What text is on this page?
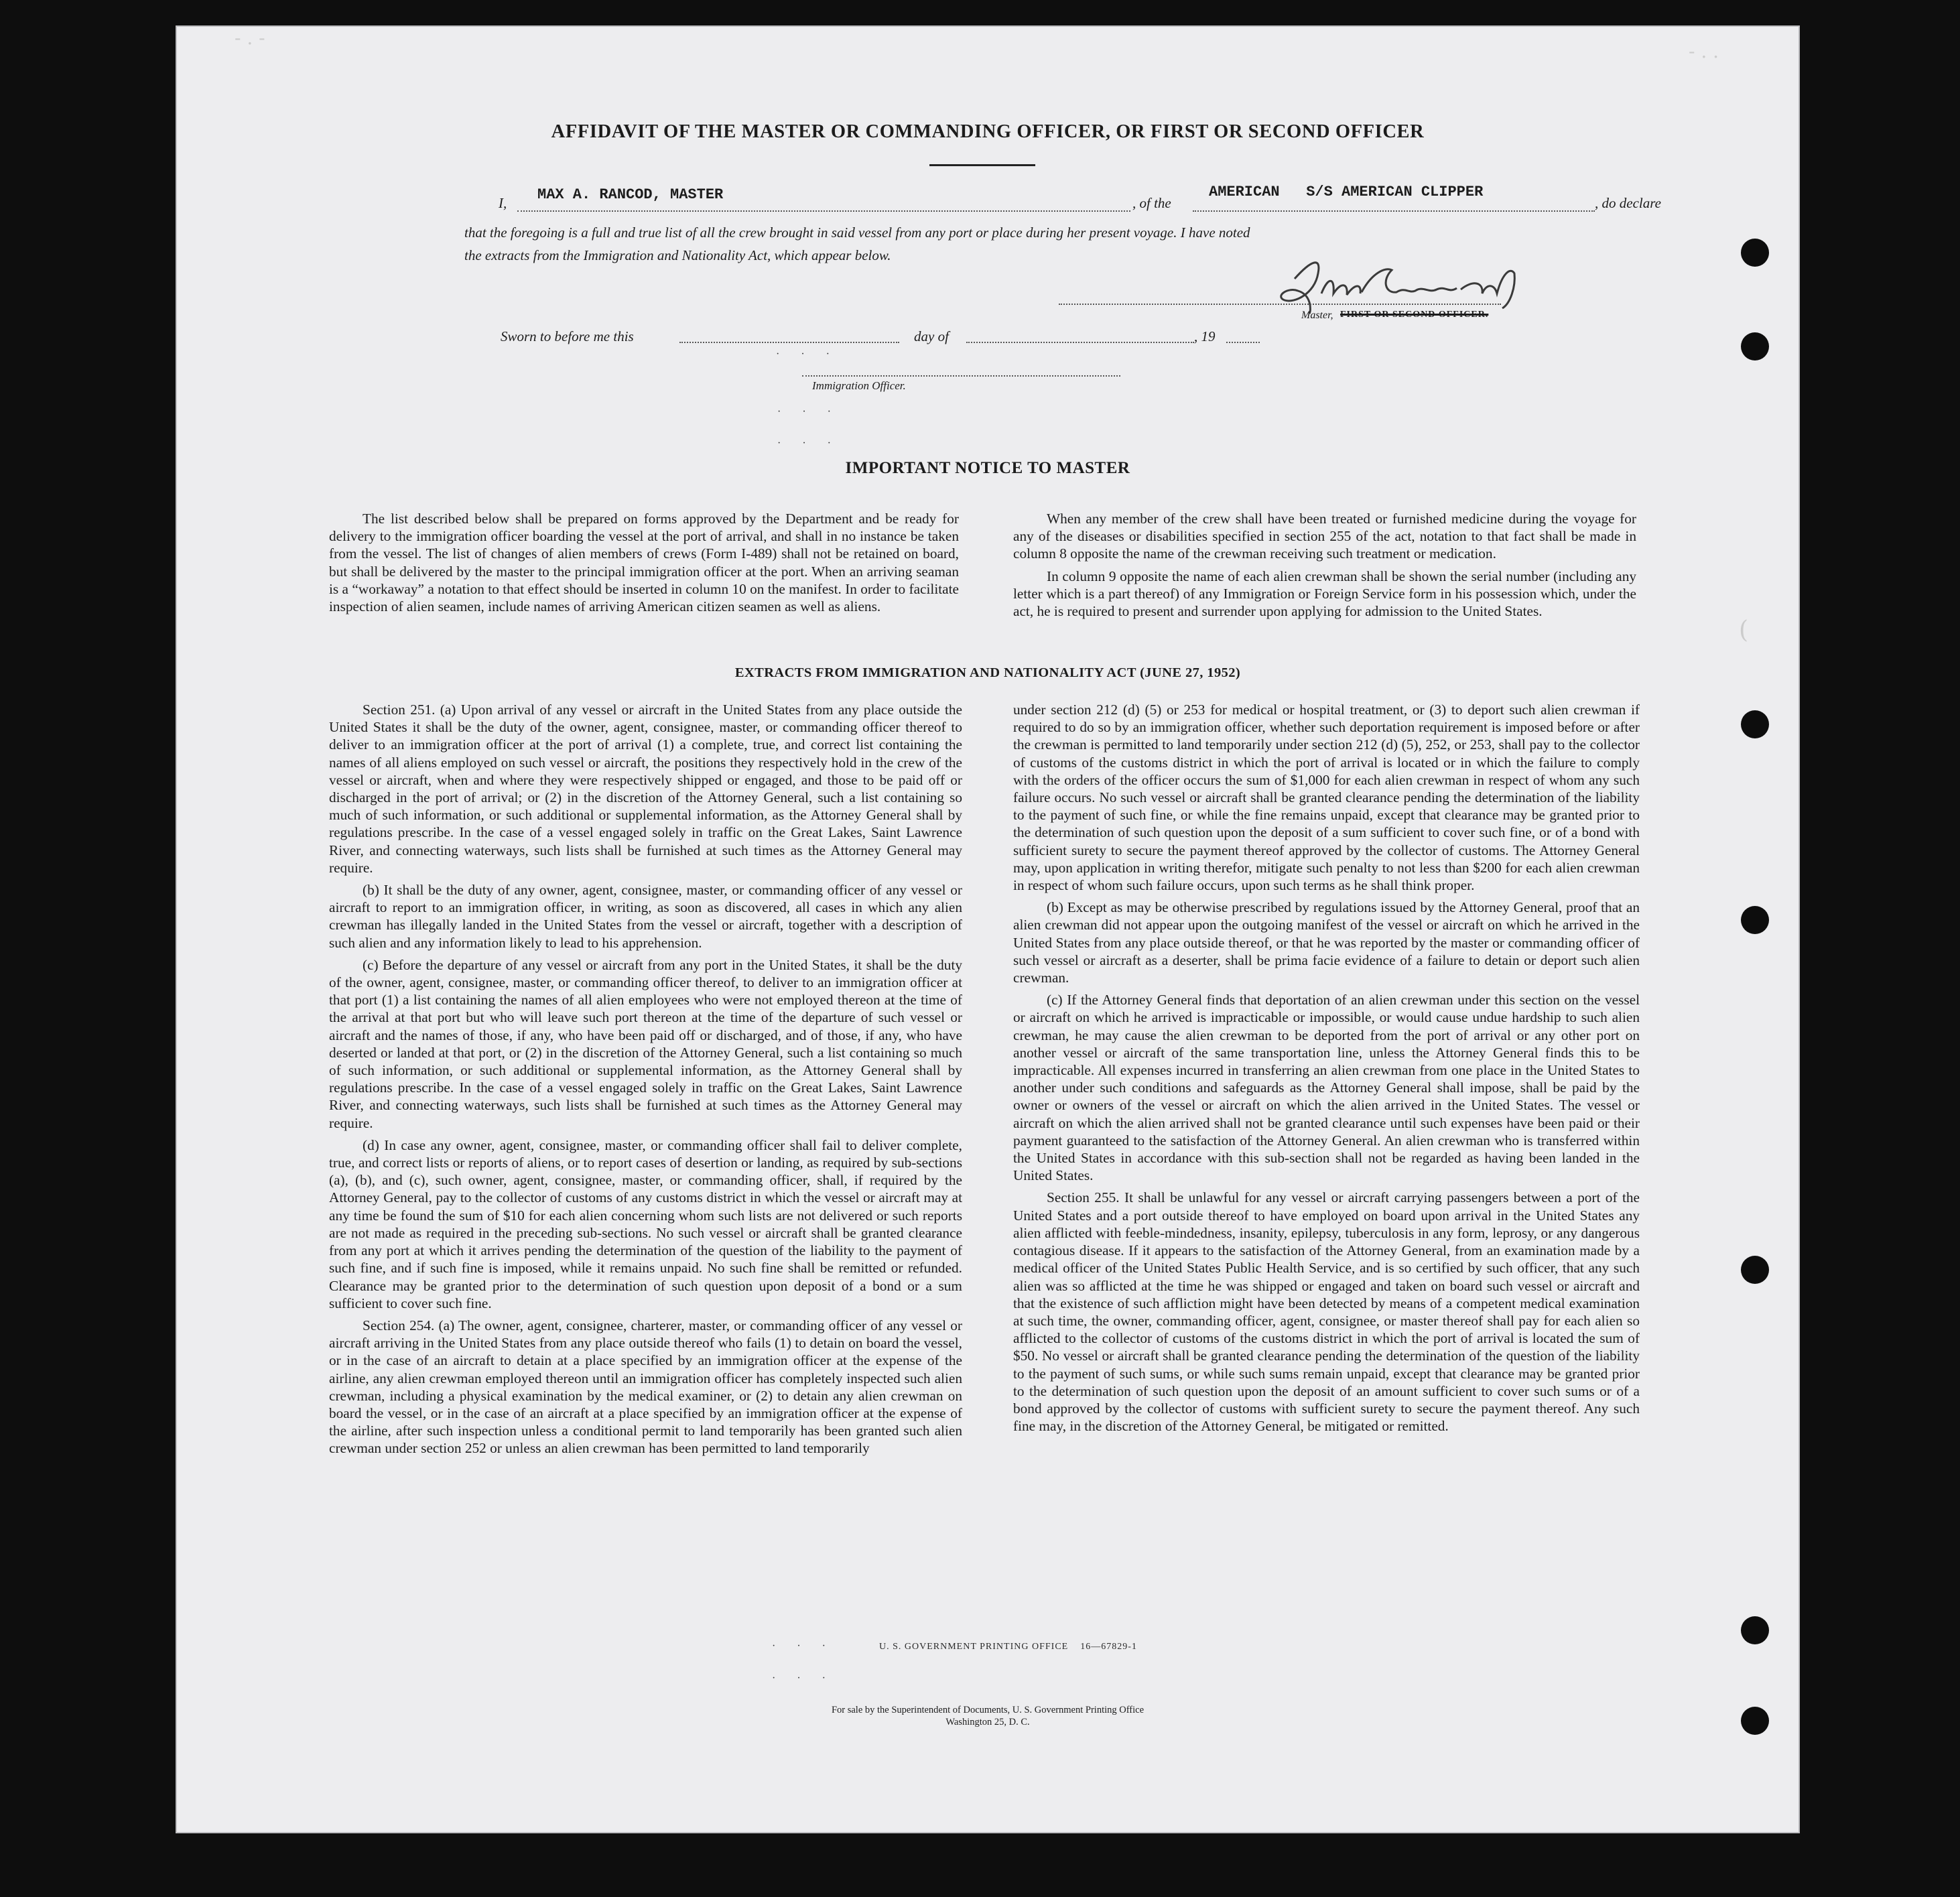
AFFIDAVIT OF THE MASTER OR COMMANDING OFFICER, OR FIRST OR SECOND OFFICER
I,	MAX A. RANCOD, MASTER	, of the
AMERICAN   S/S AMERICAN CLIPPER
, do declare
that the foregoing is a full and true list of all the crew brought in said vessel from any port or place during her present voyage. I have noted
the extracts from the Immigration and Nationality Act, which appear below.
Master, FIRST OR SECOND OFFICER.
Sworn to before me this	day of	, 19
· · ·
Immigration Officer.
· · ·
· · ·
IMPORTANT NOTICE TO MASTER

The list described below shall be prepared on forms approved by the Department and be ready for delivery to the immigration officer boarding the vessel at the port of arrival, and shall in no instance be taken from the vessel. The list of changes of alien members of crews (Form I-489) shall not be retained on board, but shall be delivered by the master to the principal immigration officer at the port. When an arriving seaman is a “workaway” a notation to that effect should be inserted in column 10 on the manifest. In order to facilitate inspection of alien seamen, include names of arriving American citizen seamen as well as aliens.

When any member of the crew shall have been treated or furnished medicine during the voyage for any of the diseases or disabilities specified in section 255 of the act, notation to that fact shall be made in column 8 opposite the name of the crewman receiving such treatment or medication.

In column 9 opposite the name of each alien crewman shall be shown the serial number (including any letter which is a part thereof) of any Immigration or Foreign Service form in his possession which, under the act, he is required to present and surrender upon applying for admission to the United States.

EXTRACTS FROM IMMIGRATION AND NATIONALITY ACT (JUNE 27, 1952)

Section 251. (a) Upon arrival of any vessel or aircraft in the United States from any place outside the United States it shall be the duty of the owner, agent, consignee, master, or commanding officer thereof to deliver to an immigration officer at the port of arrival (1) a complete, true, and correct list containing the names of all aliens employed on such vessel or aircraft, the positions they respectively hold in the crew of the vessel or aircraft, when and where they were respectively shipped or engaged, and those to be paid off or discharged in the port of arrival; or (2) in the discretion of the Attorney General, such a list containing so much of such information, or such additional or supplemental information, as the Attorney General shall by regulations prescribe. In the case of a vessel engaged solely in traffic on the Great Lakes, Saint Lawrence River, and connecting waterways, such lists shall be furnished at such times as the Attorney General may require.

(b) It shall be the duty of any owner, agent, consignee, master, or commanding officer of any vessel or aircraft to report to an immigration officer, in writing, as soon as discovered, all cases in which any alien crewman has illegally landed in the United States from the vessel or aircraft, together with a description of such alien and any information likely to lead to his apprehension.

(c) Before the departure of any vessel or aircraft from any port in the United States, it shall be the duty of the owner, agent, consignee, master, or commanding officer thereof, to deliver to an immigration officer at that port (1) a list containing the names of all alien employees who were not employed thereon at the time of the arrival at that port but who will leave such port thereon at the time of the departure of such vessel or aircraft and the names of those, if any, who have been paid off or discharged, and of those, if any, who have deserted or landed at that port, or (2) in the discretion of the Attorney General, such a list containing so much of such information, or such additional or supplemental information, as the Attorney General shall by regulations prescribe. In the case of a vessel engaged solely in traffic on the Great Lakes, Saint Lawrence River, and connecting waterways, such lists shall be furnished at such times as the Attorney General may require.

(d) In case any owner, agent, consignee, master, or commanding officer shall fail to deliver complete, true, and correct lists or reports of aliens, or to report cases of desertion or landing, as required by sub-sections (a), (b), and (c), such owner, agent, consignee, master, or commanding officer, shall, if required by the Attorney General, pay to the collector of customs of any customs district in which the vessel or aircraft may at any time be found the sum of $10 for each alien concerning whom such lists are not delivered or such reports are not made as required in the preceding sub-sections. No such vessel or aircraft shall be granted clearance from any port at which it arrives pending the determination of the question of the liability to the payment of such fine, and if such fine is imposed, while it remains unpaid. No such fine shall be remitted or refunded. Clearance may be granted prior to the determination of such question upon deposit of a bond or a sum sufficient to cover such fine.

Section 254. (a) The owner, agent, consignee, charterer, master, or commanding officer of any vessel or aircraft arriving in the United States from any place outside thereof who fails (1) to detain on board the vessel, or in the case of an aircraft to detain at a place specified by an immigration officer at the expense of the airline, any alien crewman employed thereon until an immigration officer has completely inspected such alien crewman, including a physical examination by the medical examiner, or (2) to detain any alien crewman on board the vessel, or in the case of an aircraft at a place specified by an immigration officer at the expense of the airline, after such inspection unless a conditional permit to land temporarily has been granted such alien crewman under section 252 or unless an alien crewman has been permitted to land temporarily

under section 212 (d) (5) or 253 for medical or hospital treatment, or (3) to deport such alien crewman if required to do so by an immigration officer, whether such deportation requirement is imposed before or after the crewman is permitted to land temporarily under section 212 (d) (5), 252, or 253, shall pay to the collector of customs of the customs district in which the port of arrival is located or in which the failure to comply with the orders of the officer occurs the sum of $1,000 for each alien crewman in respect of whom any such failure occurs. No such vessel or aircraft shall be granted clearance pending the determination of the liability to the payment of such fine, or while the fine remains unpaid, except that clearance may be granted prior to the determination of such question upon the deposit of a sum sufficient to cover such fine, or of a bond with sufficient surety to secure the payment thereof approved by the collector of customs. The Attorney General may, upon application in writing therefor, mitigate such penalty to not less than $200 for each alien crewman in respect of whom such failure occurs, upon such terms as he shall think proper.

(b) Except as may be otherwise prescribed by regulations issued by the Attorney General, proof that an alien crewman did not appear upon the outgoing manifest of the vessel or aircraft on which he arrived in the United States from any place outside thereof, or that he was reported by the master or commanding officer of such vessel or aircraft as a deserter, shall be prima facie evidence of a failure to detain or deport such alien crewman.

(c) If the Attorney General finds that deportation of an alien crewman under this section on the vessel or aircraft on which he arrived is impracticable or impossible, or would cause undue hardship to such alien crewman, he may cause the alien crewman to be deported from the port of arrival or any other port on another vessel or aircraft of the same transportation line, unless the Attorney General finds this to be impracticable. All expenses incurred in transferring an alien crewman from one place in the United States to another under such conditions and safeguards as the Attorney General shall impose, shall be paid by the owner or owners of the vessel or aircraft on which the alien arrived in the United States. The vessel or aircraft on which the alien arrived shall not be granted clearance until such expenses have been paid or their payment guaranteed to the satisfaction of the Attorney General. An alien crewman who is transferred within the United States in accordance with this sub-section shall not be regarded as having been landed in the United States.

Section 255. It shall be unlawful for any vessel or aircraft carrying passengers between a port of the United States and a port outside thereof to have employed on board upon arrival in the United States any alien afflicted with feeble-mindedness, insanity, epilepsy, tuberculosis in any form, leprosy, or any dangerous contagious disease. If it appears to the satisfaction of the Attorney General, from an examination made by a medical officer of the United States Public Health Service, and is so certified by such officer, that any such alien was so afflicted at the time he was shipped or engaged and taken on board such vessel or aircraft and that the existence of such affliction might have been detected by means of a competent medical examination at such time, the owner, commanding officer, agent, consignee, or master thereof shall pay for each alien so afflicted to the collector of customs of the customs district in which the port of arrival is located the sum of $50. No vessel or aircraft shall be granted clearance pending the determination of the question of the liability to the payment of such sums, or while such sums remain unpaid, except that clearance may be granted prior to the determination of such question upon the deposit of an amount sufficient to cover such sums or of a bond approved by the collector of customs with sufficient surety to secure the payment thereof. Any such fine may, in the discretion of the Attorney General, be mitigated or remitted.

· · ·	U. S. GOVERNMENT PRINTING OFFICE    16—67829-1
· · ·
For sale by the Superintendent of Documents, U. S. Government Printing Office
Washington 25, D. C.
- . -
- . .
(
